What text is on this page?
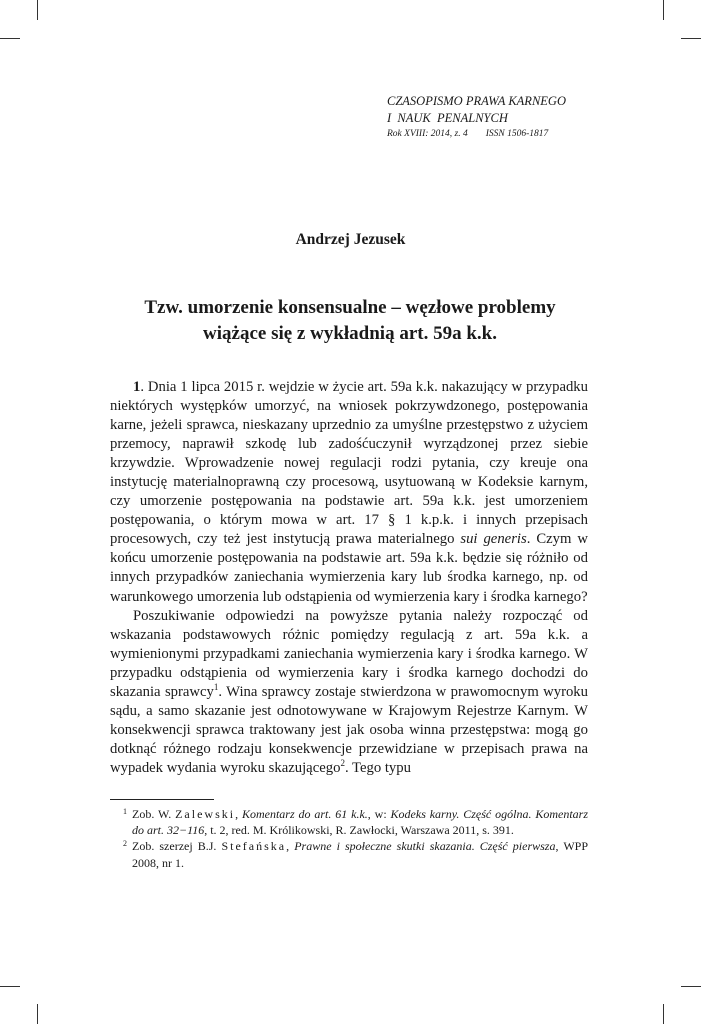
CZASOPISMO PRAWA KARNEGO
I  NAUK  PENALNYCH
Rok XVIII: 2014, z. 4 ISSN 1506-1817
Andrzej Jezusek
Tzw. umorzenie konsensualne – węzłowe problemy
wiążące się z wykładnią art. 59a k.k.

1. Dnia 1 lipca 2015 r. wejdzie w życie art. 59a k.k. nakazujący w przypadku niektórych występków umorzyć, na wniosek pokrzywdzonego, postępowania karne, jeżeli sprawca, nieskazany uprzednio za umyślne przestępstwo z użyciem przemocy, naprawił szkodę lub zadośćuczynił wyrządzonej przez siebie krzywdzie. Wprowadzenie nowej regulacji rodzi pytania, czy kreuje ona instytucję materialnoprawną czy procesową, usytuowaną w Kodeksie karnym, czy umorzenie postępowania na podstawie art. 59a k.k. jest umorzeniem postępowania, o którym mowa w art. 17 § 1 k.p.k. i innych przepisach procesowych, czy też jest instytucją prawa materialnego sui generis. Czym w końcu umorzenie postępowania na podstawie art. 59a k.k. będzie się różniło od innych przypadków zaniechania wymierzenia kary lub środka karnego, np. od warunkowego umorzenia lub odstąpienia od wymierzenia kary i środka karnego?

Poszukiwanie odpowiedzi na powyższe pytania należy rozpocząć od wskazania podstawowych różnic pomiędzy regulacją z art. 59a k.k. a wymienionymi przypadkami zaniechania wymierzenia kary i środka karnego. W przypadku odstąpienia od wymierzenia kary i środka karnego dochodzi do skazania sprawcy$^1$. Wina sprawcy zostaje stwierdzona w prawomocnym wyroku sądu, a samo skazanie jest odnotowywane w Krajowym Rejestrze Karnym. W konsekwencji sprawca traktowany jest jak osoba winna przestępstwa: mogą go dotknąć różnego rodzaju konsekwencje przewidziane w przepisach prawa na wypadek wydania wyroku skazującego$^2$. Tego typu

1 Zob. W. Zalewski, Komentarz do art. 61 k.k., w: Kodeks karny. Część ogólna. Komentarz do art. 32−116, t. 2, red. M. Królikowski, R. Zawłocki, Warszawa 2011, s. 391.
2 Zob. szerzej B.J. Stefańska, Prawne i społeczne skutki skazania. Część pierwsza, WPP 2008, nr 1.
